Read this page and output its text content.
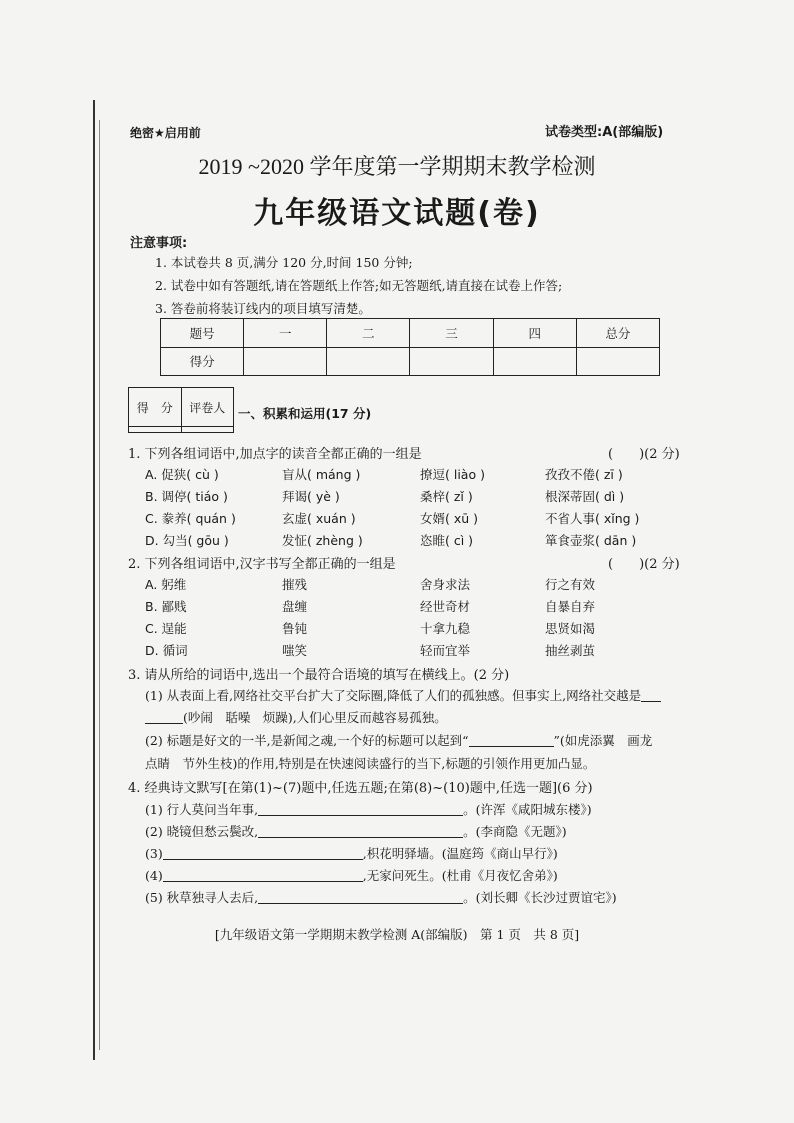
绝密★启用前	试卷类型:A(部编版)
2019 ~2020 学年度第一学期期末教学检测
九年级语文试题(卷)
注意事项:
1. 本试卷共 8 页,满分 120 分,时间 150 分钟;
2. 试卷中如有答题纸,请在答题纸上作答;如无答题纸,请直接在试卷上作答;
3. 答卷前将装订线内的项目填写清楚。
题号	一	二	三	四	总分
得分					
得　分	评卷人
	一、积累和运用(17 分)
1. 下列各组词语中,加点字的读音全都正确的一组是	(　　)(2 分)
A. 促狭( cù )	盲从( máng )	撩逗( liào )	孜孜不倦( zī )
B. 调停( tiáo )	拜谒( yè )	桑梓( zǐ )	根深蒂固( dì )
C. 豢养( quán )	玄虚( xuán )	女婿( xū )	不省人事( xǐng )
D. 勾当( gōu )	发怔( zhèng )	恣睢( cì )	箪食壶浆( dān )
2. 下列各组词语中,汉字书写全都正确的一组是	(　　)(2 分)
A. 躬维	摧残	舍身求法	行之有效
B. 鄙贱	盘缠	经世奇材	自暴自弃
C. 逞能	鲁钝	十拿九稳	思贤如渴
D. 循词	嗤笑	轻而宜举	抽丝剥茧
3. 请从所给的词语中,选出一个最符合语境的填写在横线上。(2 分)
(1) 从表面上看,网络社交平台扩大了交际圈,降低了人们的孤独感。但事实上,网络社交越是
(吵闹　聒噪　烦躁),人们心里反而越容易孤独。
(2) 标题是好文的一半,是新闻之魂,一个好的标题可以起到“	”(如虎添翼　画龙
点睛　节外生枝)的作用,特别是在快速阅读盛行的当下,标题的引领作用更加凸显。
4. 经典诗文默写[在第(1)~(7)题中,任选五题;在第(8)~(10)题中,任选一题](6 分)
(1) 行人莫问当年事,	。(许浑《咸阳城东楼》)
(2) 晓镜但愁云鬓改,	。(李商隐《无题》)
(3)	,枳花明驿墙。(温庭筠《商山早行》)
(4)	,无家问死生。(杜甫《月夜忆舍弟》)
(5) 秋草独寻人去后,	。(刘长卿《长沙过贾谊宅》)
[九年级语文第一学期期末教学检测 A(部编版)　第 1 页　共 8 页]
